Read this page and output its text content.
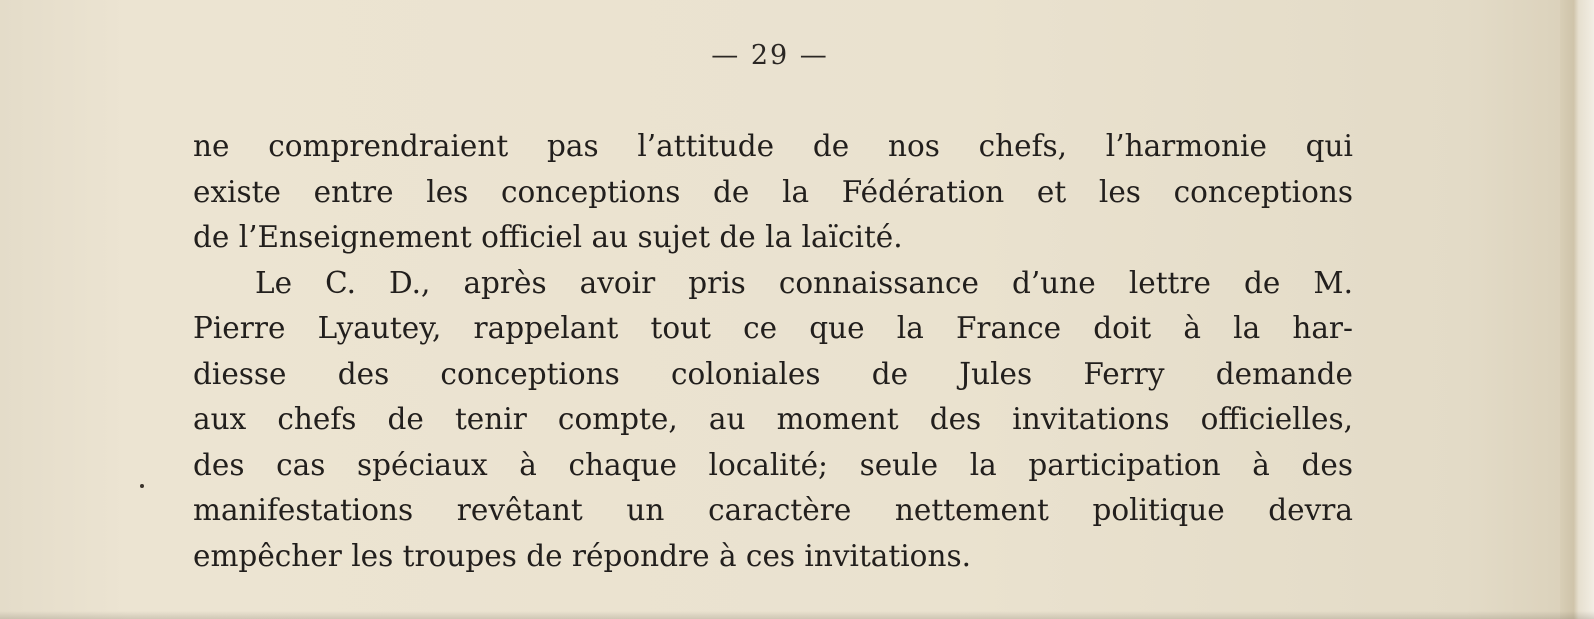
— 29 —
ne comprendraient pas l’attitude de nos chefs, l’harmonie qui
existe entre les conceptions de la Fédération et les conceptions
de l’Enseignement officiel au sujet de la laïcité.
Le C. D., après avoir pris connaissance d’une lettre de M.
Pierre Lyautey, rappelant tout ce que la France doit à la har-
diesse des conceptions coloniales de Jules Ferry demande
aux chefs de tenir compte, au moment des invitations officielles,
des cas spéciaux à chaque localité; seule la participation à des
manifestations revêtant un caractère nettement politique devra
empêcher les troupes de répondre à ces invitations.
